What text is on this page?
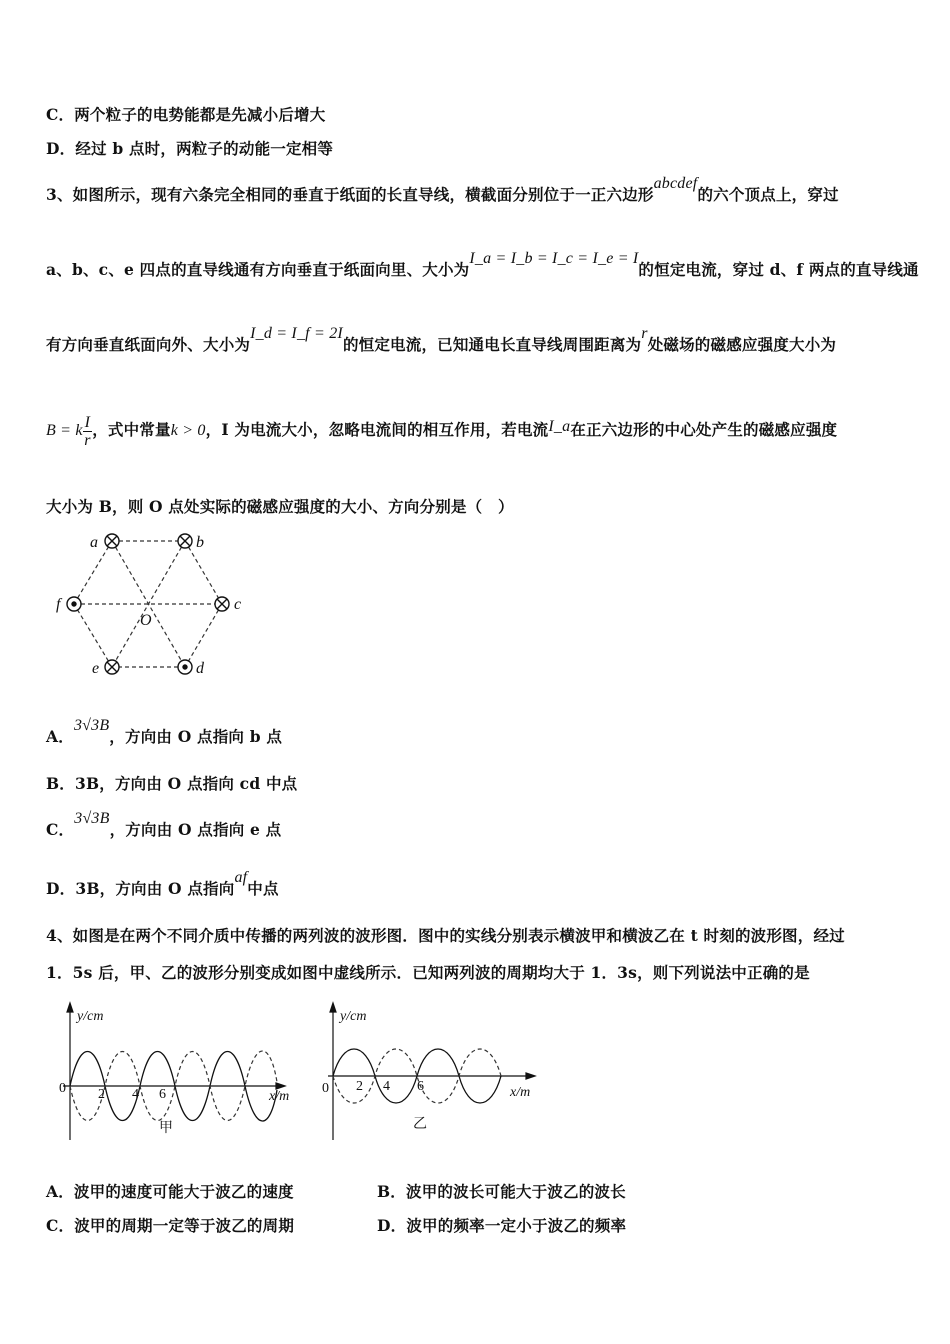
C．两个粒子的电势能都是先减小后增大
D．经过 b 点时，两粒子的动能一定相等
3、如图所示，现有六条完全相同的垂直于纸面的长直导线，横截面分别位于一正六边形abcdef的六个顶点上，穿过
a、b、c、e 四点的直导线通有方向垂直于纸面向里、大小为I_a = I_b = I_c = I_e = I的恒定电流，穿过 d、f 两点的直导线通
有方向垂直纸面向外、大小为I_d = I_f = 2I的恒定电流，已知通电长直导线周围距离为r处磁场的磁感应强度大小为
B = k $\frac{I}{r}$ ，式中常量k > 0，I 为电流大小，忽略电流间的相互作用，若电流I_a在正六边形的中心处产生的磁感应强度
大小为 B，则 O 点处实际的磁感应强度的大小、方向分别是（　）
a	b
c
d
e
f
O
A．3√3B，方向由 O 点指向 b 点
B．3B，方向由 O 点指向 cd 中点
C．3√3B，方向由 O 点指向 e 点
D．3B，方向由 O 点指向af中点
4、如图是在两个不同介质中传播的两列波的波形图．图中的实线分别表示横波甲和横波乙在 t 时刻的波形图，经过
1．5s 后，甲、乙的波形分别变成如图中虚线所示．已知两列波的周期均大于 1．3s，则下列说法中正确的是
y/cm
x/m
0 2 4 6
甲
y/cm
x/m
0 2 4 6
乙
A．波甲的速度可能大于波乙的速度	B．波甲的波长可能大于波乙的波长
C．波甲的周期一定等于波乙的周期	D．波甲的频率一定小于波乙的频率
